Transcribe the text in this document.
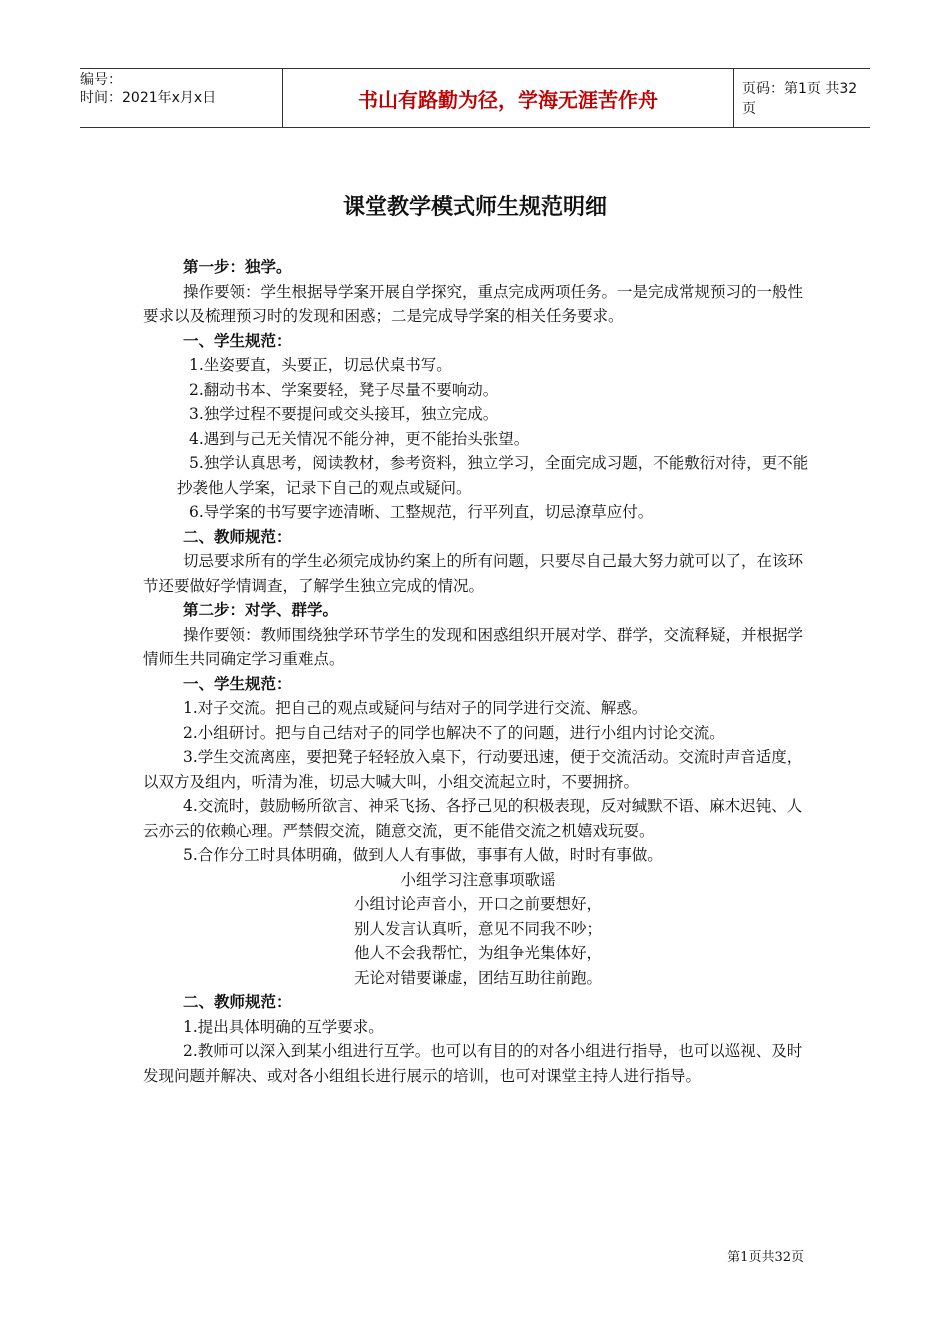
编号：
时间：2021年x月x日	书山有路勤为径，学海无涯苦作舟	页码：第1页 共32页
课堂教学模式师生规范明细

第一步：独学。

操作要领：学生根据导学案开展自学探究，重点完成两项任务。一是完成常规预习的一般性要求以及梳理预习时的发现和困惑；二是完成导学案的相关任务要求。

一、学生规范：

1.坐姿要直，头要正，切忌伏桌书写。

2.翻动书本、学案要轻，凳子尽量不要响动。

3.独学过程不要提问或交头接耳，独立完成。

4.遇到与己无关情况不能分神，更不能抬头张望。

5.独学认真思考，阅读教材，参考资料，独立学习，全面完成习题，不能敷衍对待，更不能抄袭他人学案，记录下自己的观点或疑问。

6.导学案的书写要字迹清晰、工整规范，行平列直，切忌潦草应付。

二、教师规范：

切忌要求所有的学生必须完成协约案上的所有问题，只要尽自己最大努力就可以了，在该环节还要做好学情调查，了解学生独立完成的情况。

第二步：对学、群学。

操作要领：教师围绕独学环节学生的发现和困惑组织开展对学、群学，交流释疑，并根据学情师生共同确定学习重难点。

一、学生规范：

1.对子交流。把自己的观点或疑问与结对子的同学进行交流、解惑。

2.小组研讨。把与自己结对子的同学也解决不了的问题，进行小组内讨论交流。

3.学生交流离座，要把凳子轻轻放入桌下，行动要迅速，便于交流活动。交流时声音适度，以双方及组内，听清为准，切忌大喊大叫，小组交流起立时，不要拥挤。

4.交流时，鼓励畅所欲言、神采飞扬、各抒己见的积极表现，反对缄默不语、麻木迟钝、人云亦云的依赖心理。严禁假交流，随意交流，更不能借交流之机嬉戏玩耍。

5.合作分工时具体明确，做到人人有事做，事事有人做，时时有事做。

小组学习注意事项歌谣

小组讨论声音小，开口之前要想好，

别人发言认真听，意见不同我不吵；

他人不会我帮忙，为组争光集体好，

无论对错要谦虚，团结互助往前跑。

二、教师规范：

1.提出具体明确的互学要求。

2.教师可以深入到某小组进行互学。也可以有目的的对各小组进行指导，也可以巡视、及时发现问题并解决、或对各小组组长进行展示的培训，也可对课堂主持人进行指导。

第1页共32页
